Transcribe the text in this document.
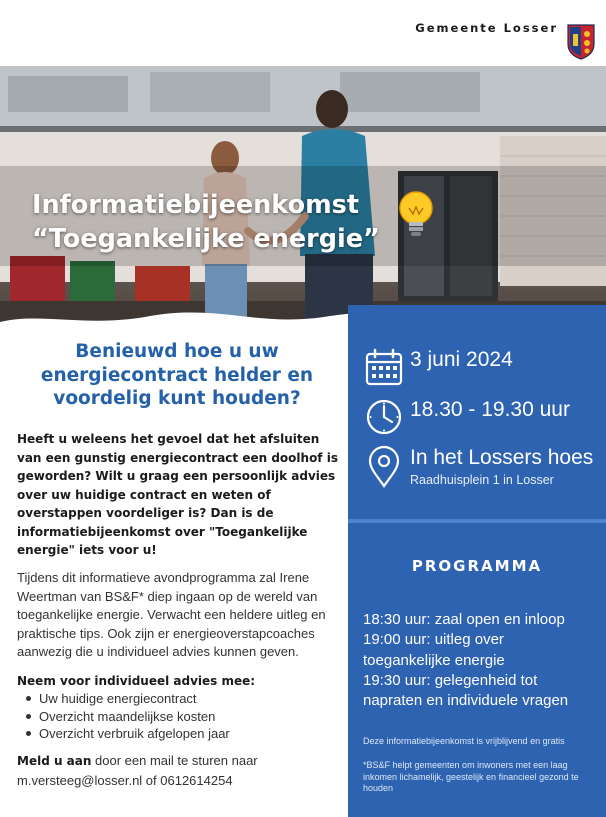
Gemeente Losser
Informatiebijeenkomst
“Toegankelijke energie”
Benieuwd hoe u uw
energiecontract helder en
voordelig kunt houden?

Heeft u weleens het gevoel dat het afsluiten van een gunstig energiecontract een doolhof is geworden? Wilt u graag een persoonlijk advies over uw huidige contract en weten of overstappen voordeliger is? Dan is de informatiebijeenkomst over "Toegankelijke energie" iets voor u!

Tijdens dit informatieve avondprogramma zal Irene Weertman van BS&F* diep ingaan op de wereld van toegankelijke energie. Verwacht een heldere uitleg en praktische tips. Ook zijn er energieoverstapcoaches aanwezig die u individueel advies kunnen geven.

Neem voor individueel advies mee:

Uw huidige energiecontract
Overzicht maandelijkse kosten
Overzicht verbruik afgelopen jaar

Meld u aan door een mail te sturen naar
m.versteeg@losser.nl of 0612614254

3 juni 2024
18.30 - 19.30 uur
In het Lossers hoes
Raadhuisplein 1 in Losser
PROGRAMMA
18:30 uur: zaal open en inloop
19:00 uur: uitleg over
toegankelijke energie
19:30 uur: gelegenheid tot
napraten en individuele vragen

Deze informatiebijeenkomst is vrijblijvend en gratis

*BS&F helpt gemeenten om inwoners met een laag inkomen lichamelijk, geestelijk en financieel gezond te houden
